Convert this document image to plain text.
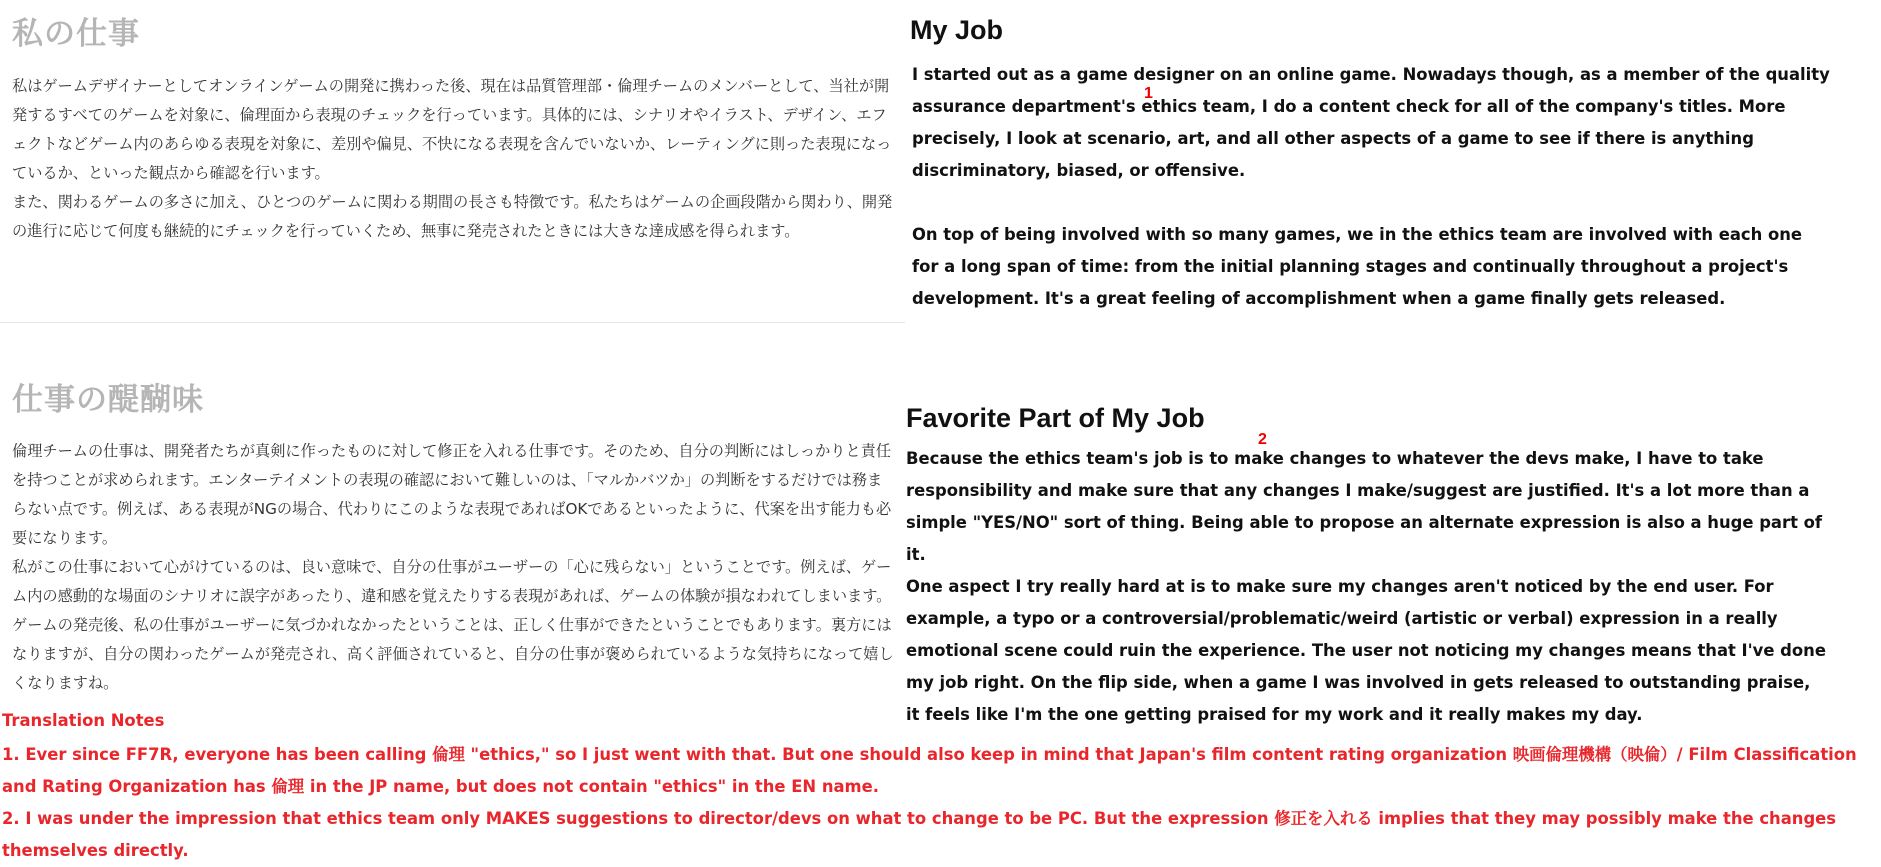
私の仕事

私はゲームデザイナーとしてオンラインゲームの開発に携わった後、現在は品質管理部・倫理チームのメンバーとして、当社が開発するすべてのゲームを対象に、倫理面から表現のチェックを行っています。具体的には、シナリオやイラスト、デザイン、エフェクトなどゲーム内のあらゆる表現を対象に、差別や偏見、不快になる表現を含んでいないか、レーティングに則った表現になっているか、といった観点から確認を行います。

また、関わるゲームの多さに加え、ひとつのゲームに関わる期間の長さも特徴です。私たちはゲームの企画段階から関わり、開発の進行に応じて何度も継続的にチェックを行っていくため、無事に発売されたときには大きな達成感を得られます。

仕事の醍醐味

倫理チームの仕事は、開発者たちが真剣に作ったものに対して修正を入れる仕事です。そのため、自分の判断にはしっかりと責任を持つことが求められます。エンターテイメントの表現の確認において難しいのは、「マルかバツか」の判断をするだけでは務まらない点です。例えば、ある表現がNGの場合、代わりにこのような表現であればOKであるといったように、代案を出す能力も必要になります。

私がこの仕事において心がけているのは、良い意味で、自分の仕事がユーザーの「心に残らない」ということです。例えば、ゲーム内の感動的な場面のシナリオに誤字があったり、違和感を覚えたりする表現があれば、ゲームの体験が損なわれてしまいます。ゲームの発売後、私の仕事がユーザーに気づかれなかったということは、正しく仕事ができたということでもあります。裏方にはなりますが、自分の関わったゲームが発売され、高く評価されていると、自分の仕事が褒められているような気持ちになって嬉しくなりますね。

My Job
1

I started out as a game designer on an online game. Nowadays though, as a member of the quality assurance department's ethics team, I do a content check for all of the company's titles. More precisely, I look at scenario, art, and all other aspects of a game to see if there is anything discriminatory, biased, or offensive.

On top of being involved with so many games, we in the ethics team are involved with each one for a long span of time: from the initial planning stages and continually throughout a project's development. It's a great feeling of accomplishment when a game finally gets released.

Favorite Part of My Job
2

Because the ethics team's job is to make changes to whatever the devs make, I have to take responsibility and make sure that any changes I make/suggest are justified. It's a lot more than a simple "YES/NO" sort of thing. Being able to propose an alternate expression is also a huge part of it.

One aspect I try really hard at is to make sure my changes aren't noticed by the end user. For example, a typo or a controversial/problematic/weird (artistic or verbal) expression in a really emotional scene could ruin the experience. The user not noticing my changes means that I've done my job right. On the flip side, when a game I was involved in gets released to outstanding praise, it feels like I'm the one getting praised for my work and it really makes my day.

Translation Notes

1. Ever since FF7R, everyone has been calling 倫理 "ethics," so I just went with that. But one should also keep in mind that Japan's film content rating organization 映画倫理機構（映倫）/ Film Classification and Rating Organization has 倫理 in the JP name, but does not contain "ethics" in the EN name.

2. I was under the impression that ethics team only MAKES suggestions to director/devs on what to change to be PC. But the expression 修正を入れる implies that they may possibly make the changes themselves directly.
